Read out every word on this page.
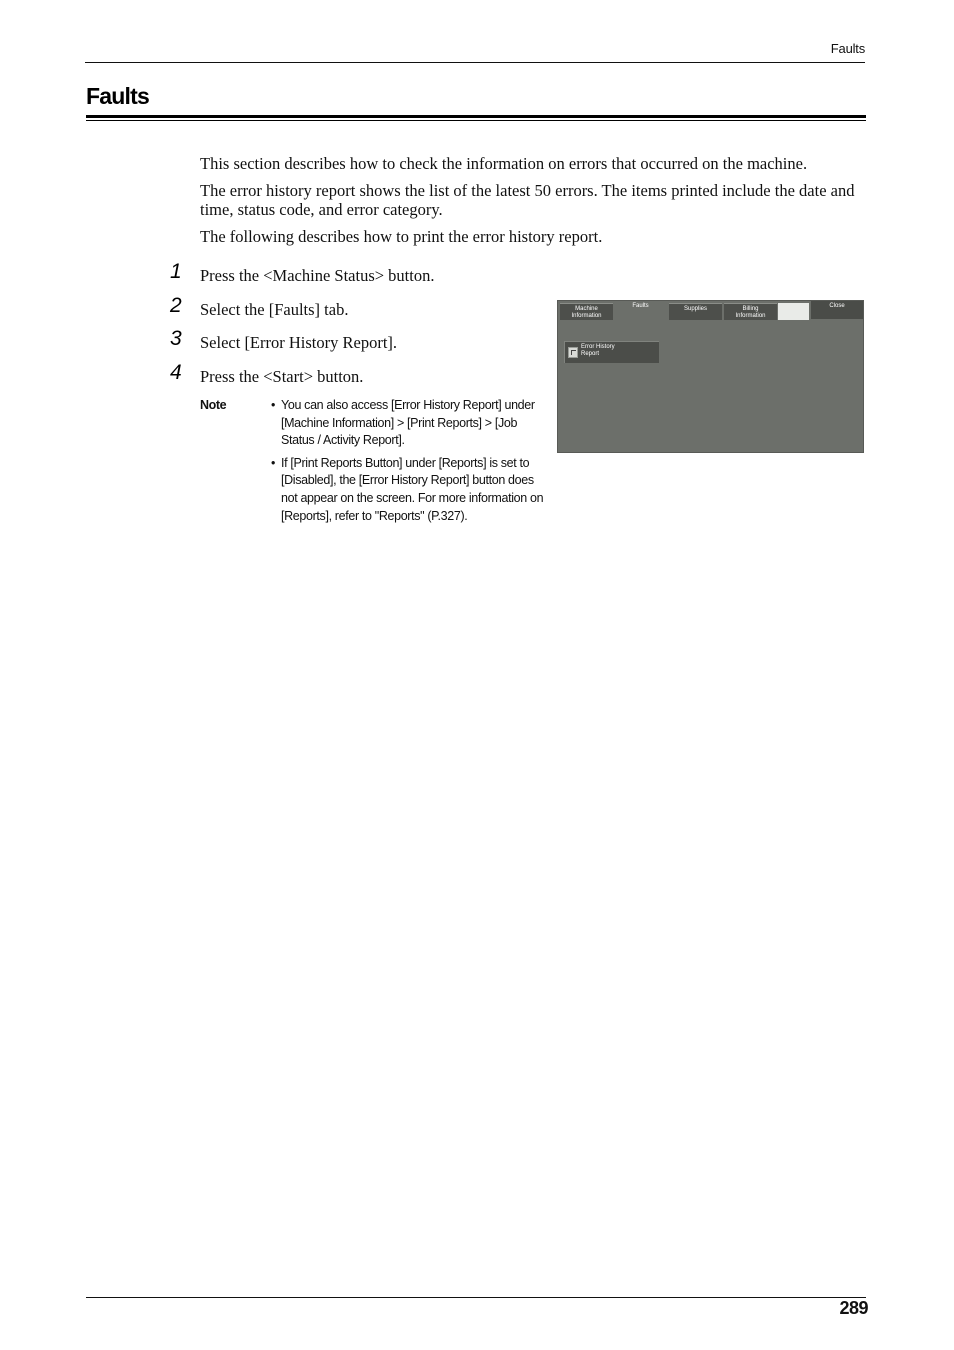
Faults
Faults

This section describes how to check the information on errors that occurred on the machine.

The error history report shows the list of the latest 50 errors. The items printed include the date and time, status code, and error category.

The following describes how to print the error history report.

1	Press the <Machine Status> button.
2	Select the [Faults] tab.
3	Select [Error History Report].
4	Press the <Start> button.
Note	• You can also access [Error History Report] under [Machine Information] > [Print Reports] > [Job Status / Activity Report].
• If [Print Reports Button] under [Reports] is set to [Disabled], the [Error History Report] button does not appear on the screen. For more information on [Reports], refer to "Reports" (P.327).
Machine
Information
Faults	Supplies	Billing
Information
Close
Error History
Report
289
